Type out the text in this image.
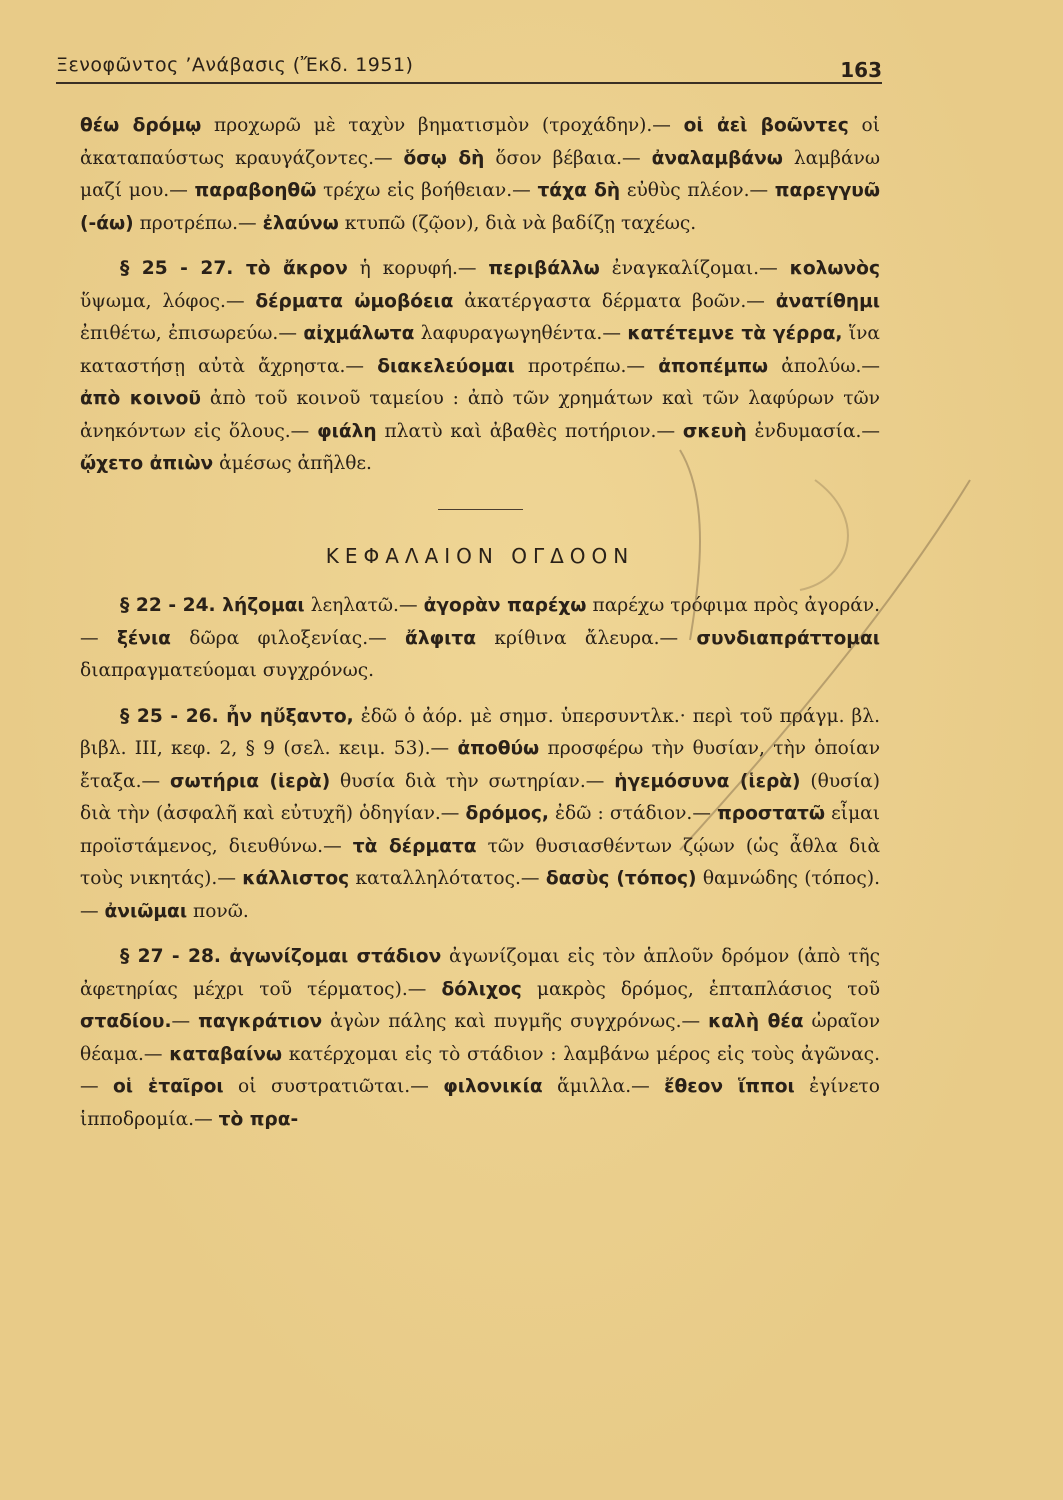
Ξενοφῶντος ’Ανάβασις (Ἔκδ. 1951)	163

θέω δρόμῳ προχωρῶ μὲ ταχὺν βηματισμὸν (τροχάδην).— οἱ ἀεὶ βοῶντες οἱ ἀκαταπαύστως κραυγάζοντες.— ὅσῳ δὴ ὅσον βέβαια.— ἀναλαμβάνω λαμβάνω μαζί μου.— παραβοηθῶ τρέχω εἰς βοήθειαν.— τάχα δὴ εὐθὺς πλέον.— παρεγγυῶ (-άω) προτρέπω.— ἐλαύνω κτυπῶ (ζῷον), διὰ νὰ βαδίζῃ ταχέως.

§ 25 - 27. τὸ ἄκρον ἡ κορυφή.— περιβάλλω ἐναγκαλίζομαι.— κολωνὸς ὕψωμα, λόφος.— δέρματα ὠμοβόεια ἀκατέργαστα δέρματα βοῶν.— ἀνατίθημι ἐπιθέτω, ἐπισωρεύω.— αἰχμάλωτα λαφυραγωγηθέντα.— κατέτεμνε τὰ γέρρα, ἵνα καταστήσῃ αὐτὰ ἄχρηστα.— διακελεύομαι προτρέπω.— ἀποπέμπω ἀπολύω.— ἀπὸ κοινοῦ ἀπὸ τοῦ κοινοῦ ταμείου : ἀπὸ τῶν χρημάτων καὶ τῶν λαφύρων τῶν ἀνηκόντων εἰς ὅλους.— φιάλη πλατὺ καὶ ἀβαθὲς ποτήριον.— σκευὴ ἐνδυμασία.— ᾤχετο ἀπιὼν ἀμέσως ἀπῆλθε.

ΚΕΦΑΛΑΙΟΝ ΟΓΔΟΟΝ

§ 22 - 24. λήζομαι λεηλατῶ.— ἀγορὰν παρέχω παρέχω τρόφιμα πρὸς ἀγοράν.— ξένια δῶρα φιλοξενίας.— ἄλφιτα κρίθινα ἄλευρα.— συνδιαπράττομαι διαπραγματεύομαι συγχρόνως.

§ 25 - 26. ἦν ηὔξαντο, ἐδῶ ὁ ἀόρ. μὲ σημσ. ὑπερσυντλκ.· περὶ τοῦ πράγμ. βλ. βιβλ. III, κεφ. 2, § 9 (σελ. κειμ. 53).— ἀποθύω προσφέρω τὴν θυσίαν, τὴν ὁποίαν ἔταξα.— σωτήρια (ἱερὰ) θυσία διὰ τὴν σωτηρίαν.— ἡγεμόσυνα (ἱερὰ) (θυσία) διὰ τὴν (ἀσφαλῆ καὶ εὐτυχῆ) ὁδηγίαν.— δρόμος, ἐδῶ : στάδιον.— προστατῶ εἶμαι προϊστάμενος, διευθύνω.— τὰ δέρματα τῶν θυσιασθέντων ζῴων (ὡς ἆθλα διὰ τοὺς νικητάς).— κάλλιστος καταλληλότατος.— δασὺς (τόπος) θαμνώδης (τόπος).— ἀνιῶμαι πονῶ.

§ 27 - 28. ἀγωνίζομαι στάδιον ἀγωνίζομαι εἰς τὸν ἁπλοῦν δρόμον (ἀπὸ τῆς ἀφετηρίας μέχρι τοῦ τέρματος).— δόλιχος μακρὸς δρόμος, ἑπταπλάσιος τοῦ σταδίου.— παγκράτιον ἀγὼν πάλης καὶ πυγμῆς συγχρόνως.— καλὴ θέα ὡραῖον θέαμα.— καταβαίνω κατέρχομαι εἰς τὸ στάδιον : λαμβάνω μέρος εἰς τοὺς ἀγῶνας.— οἱ ἑταῖροι οἱ συστρατιῶται.— φιλονικία ἅμιλλα.— ἔθεον ἵπποι ἐγίνετο ἱπποδρομία.— τὸ πρα-
